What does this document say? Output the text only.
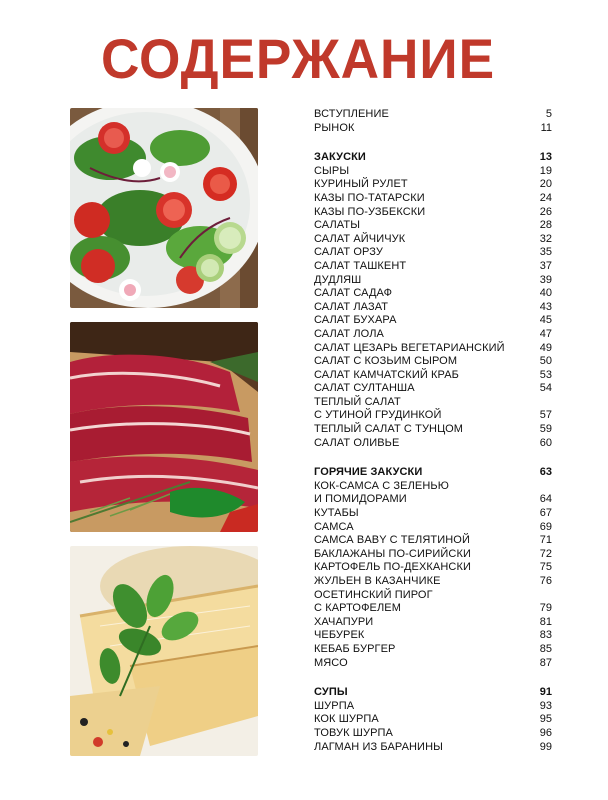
СОДЕРЖАНИЕ
ВСТУПЛЕНИЕ	5
РЫНОК	11
ЗАКУСКИ	13
СЫРЫ	19
КУРИНЫЙ РУЛЕТ	20
КАЗЫ ПО-ТАТАРСКИ	24
КАЗЫ ПО-УЗБЕКСКИ	26
САЛАТЫ	28
САЛАТ АЙЧИЧУК	32
САЛАТ ОРЗУ	35
САЛАТ ТАШКЕНТ	37
ДУДЛЯШ	39
САЛАТ САДАФ	40
САЛАТ ЛАЗАТ	43
САЛАТ БУХАРА	45
САЛАТ ЛОЛА	47
САЛАТ ЦЕЗАРЬ ВЕГЕТАРИАНСКИЙ	49
САЛАТ С КОЗЬИМ СЫРОМ	50
САЛАТ КАМЧАТСКИЙ КРАБ	53
САЛАТ СУЛТАНША	54
ТЕПЛЫЙ САЛАТ
С УТИНОЙ ГРУДИНКОЙ	57
ТЕПЛЫЙ САЛАТ С ТУНЦОМ	59
САЛАТ ОЛИВЬЕ	60
ГОРЯЧИЕ ЗАКУСКИ	63
КОК-САМСА С ЗЕЛЕНЬЮ
И ПОМИДОРАМИ	64
КУТАБЫ	67
САМСА	69
САМСА BABY С ТЕЛЯТИНОЙ	71
БАКЛАЖАНЫ ПО-СИРИЙСКИ	72
КАРТОФЕЛЬ ПО-ДЕХКАНСКИ	75
ЖУЛЬЕН В КАЗАНЧИКЕ	76
ОСЕТИНСКИЙ ПИРОГ
С КАРТОФЕЛЕМ	79
ХАЧАПУРИ	81
ЧЕБУРЕК	83
КЕБАБ БУРГЕР	85
МЯСО	87
СУПЫ	91
ШУРПА	93
КОК ШУРПА	95
ТОВУК ШУРПА	96
ЛАГМАН ИЗ БАРАНИНЫ	99
